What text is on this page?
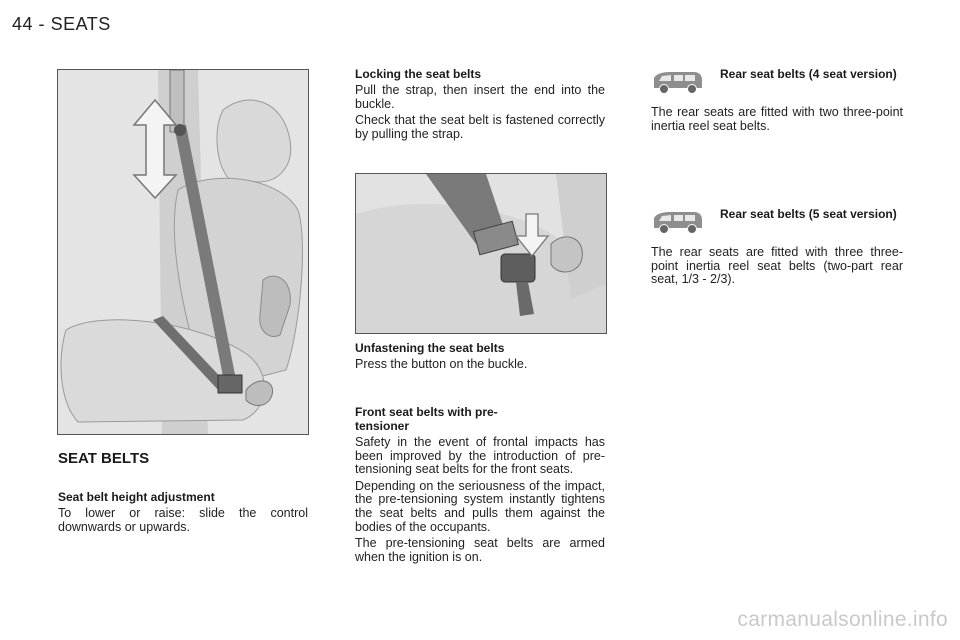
44 - SEATS
SEAT BELTS
Seat belt height adjustment

To lower or raise: slide the control downwards or upwards.

Locking the seat belts

Pull the strap, then insert the end into the buckle.

Check that the seat belt is fastened correctly by pulling the strap.

Unfastening the seat belts

Press the button on the buckle.

Front seat belts with pre-tensioner

Safety in the event of frontal impacts has been improved by the introduction of pre-tensioning seat belts for the front seats.

Depending on the seriousness of the impact, the pre-tensioning system instantly tightens the seat belts and pulls them against the bodies of the occupants.

The pre-tensioning seat belts are armed when the ignition is on.

Rear seat belts (4 seat version)

The rear seats are fitted with two three-point inertia reel seat belts.

Rear seat belts (5 seat version)

The rear seats are fitted with three three-point inertia reel seat belts (two-part rear seat, 1/3 - 2/3).

carmanualsonline.info
